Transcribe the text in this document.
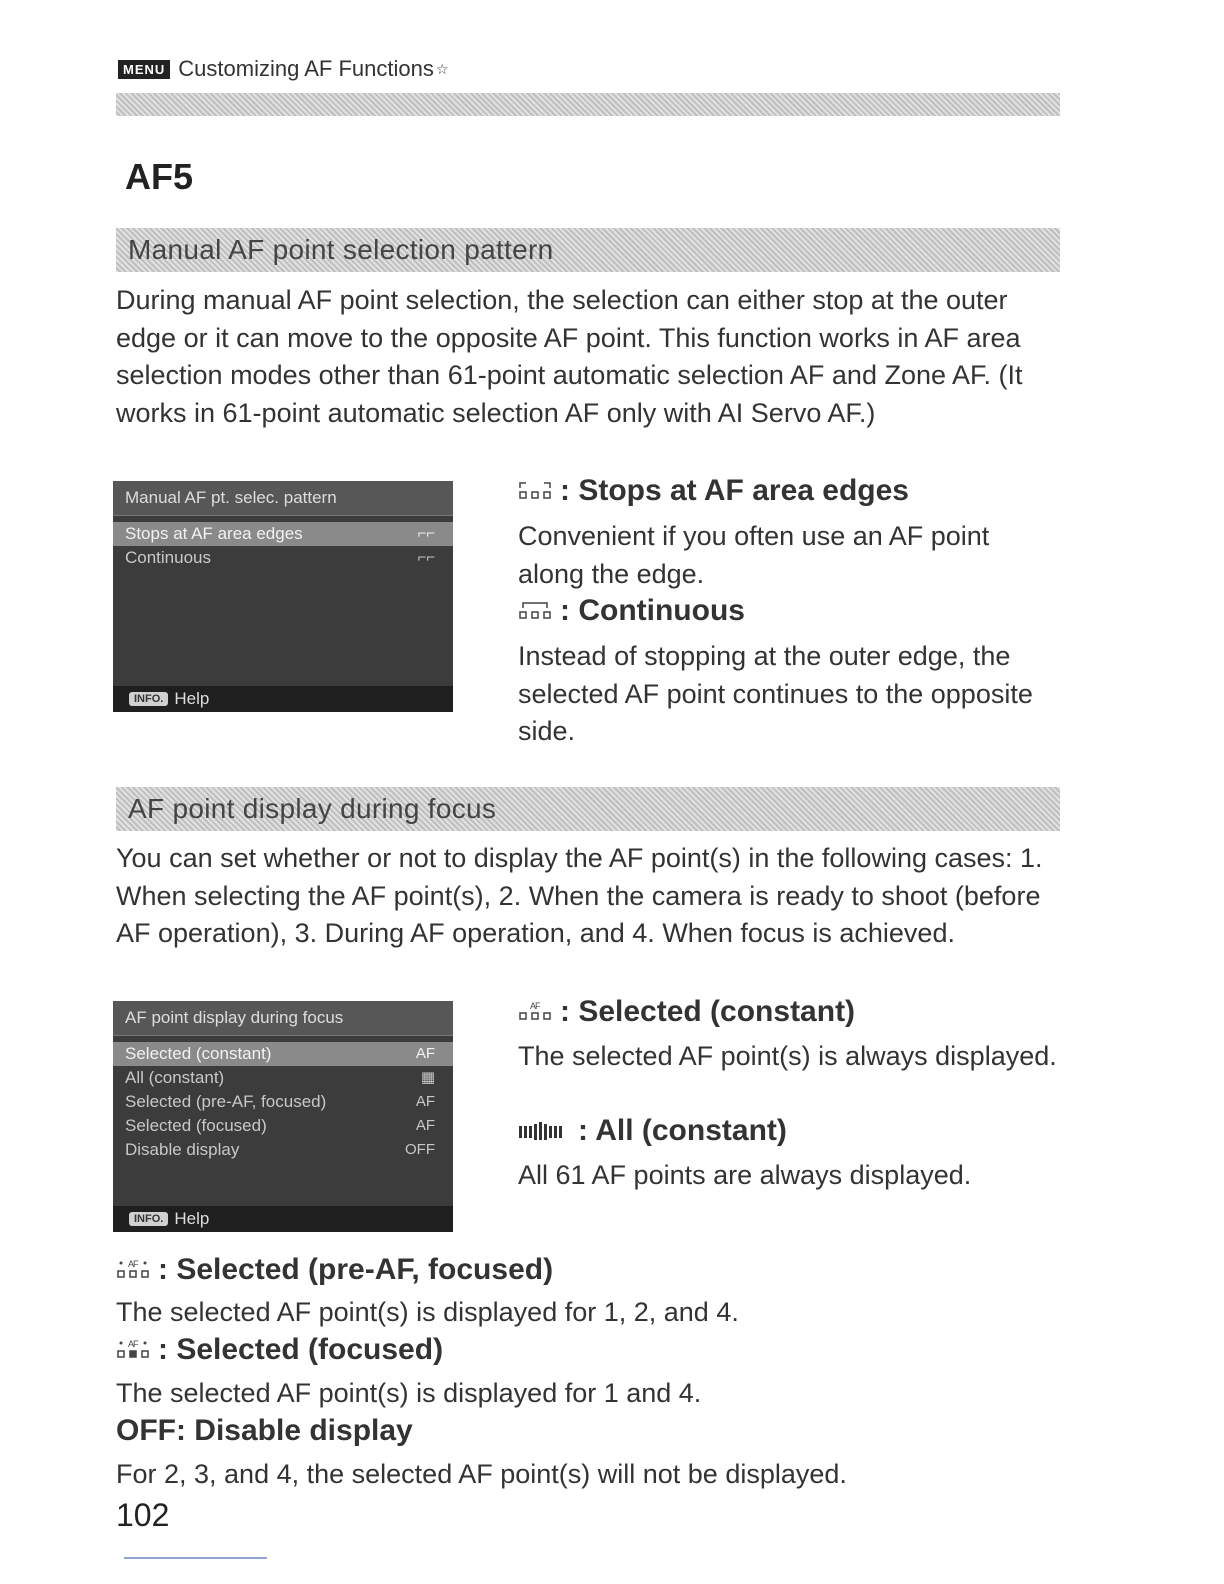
MENU Customizing AF Functions ☆
AF5
Manual AF point selection pattern
During manual AF point selection, the selection can either stop at the outer edge or it can move to the opposite AF point. This function works in AF area selection modes other than 61-point automatic selection AF and Zone AF. (It works in 61-point automatic selection AF only with AI Servo AF.)
Manual AF pt. selec. pattern
Stops at AF area edges	⌐⌐
Continuous	⌐⌐
INFO. Help
: Stops at AF area edges
Convenient if you often use an AF point along the edge.
: Continuous
Instead of stopping at the outer edge, the selected AF point continues to the opposite side.
AF point display during focus
You can set whether or not to display the AF point(s) in the following cases: 1. When selecting the AF point(s), 2. When the camera is ready to shoot (before AF operation), 3. During AF operation, and 4. When focus is achieved.
AF point display during focus
Selected (constant)	AF
All (constant)	▦
Selected (pre-AF, focused)	AF
Selected (focused)	AF
Disable display	OFF
INFO. Help
AF : Selected (constant)
The selected AF point(s) is always displayed.
: All (constant)
All 61 AF points are always displayed.
AF : Selected (pre-AF, focused)
The selected AF point(s) is displayed for 1, 2, and 4.
AF : Selected (focused)
The selected AF point(s) is displayed for 1 and 4.
OFF: Disable display
For 2, 3, and 4, the selected AF point(s) will not be displayed.
102
